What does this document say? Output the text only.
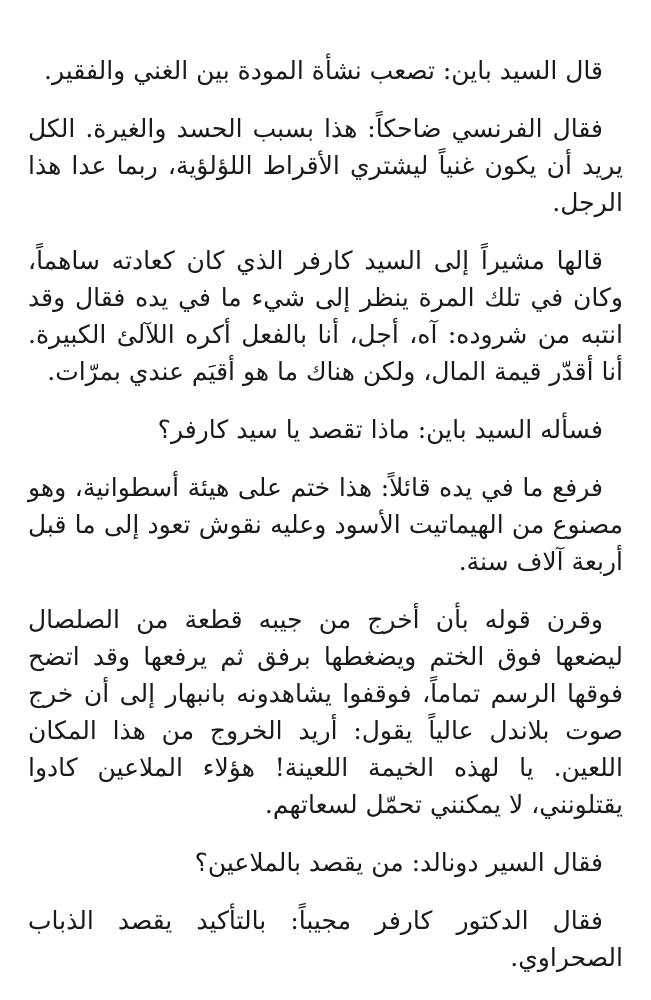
قال السيد باين: تصعب نشأة المودة بين الغني والفقير.

فقال الفرنسي ضاحكاً: هذا بسبب الحسد والغيرة. الكل يريد أن يكون غنياً ليشتري الأقراط اللؤلؤية، ربما عدا هذا الرجل.

قالها مشيراً إلى السيد كارفر الذي كان كعادته ساهماً، وكان في تلك المرة ينظر إلى شيء ما في يده فقال وقد انتبه من شروده: آه، أجل، أنا بالفعل أكره اللآلئ الكبيرة. أنا أقدّر قيمة المال، ولكن هناك ما هو أقيَم عندي بمرّات.

فسأله السيد باين: ماذا تقصد يا سيد كارفر؟

فرفع ما في يده قائلاً: هذا ختم على هيئة أسطوانية، وهو مصنوع من الهيماتيت الأسود وعليه نقوش تعود إلى ما قبل أربعة آلاف سنة.

وقرن قوله بأن أخرج من جيبه قطعة من الصلصال ليضعها فوق الختم ويضغطها برفق ثم يرفعها وقد اتضح فوقها الرسم تماماً، فوقفوا يشاهدونه بانبهار إلى أن خرج صوت بلاندل عالياً يقول: أريد الخروج من هذا المكان اللعين. يا لهذه الخيمة اللعينة! هؤلاء الملاعين كادوا يقتلونني، لا يمكنني تحمّل لسعاتهم.

فقال السير دونالد: من يقصد بالملاعين؟

فقال الدكتور كارفر مجيباً: بالتأكيد يقصد الذباب الصحراوي.
